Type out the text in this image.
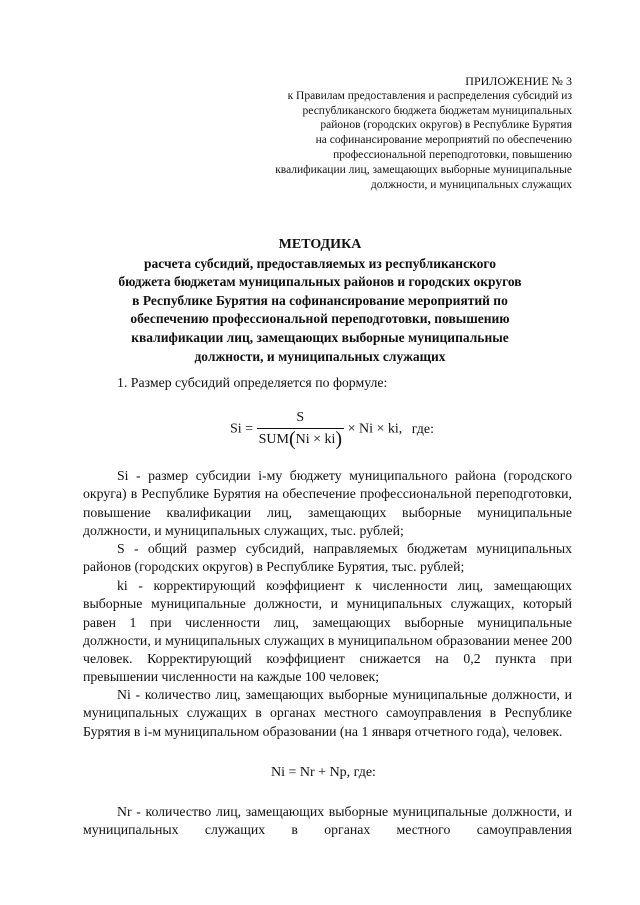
ПРИЛОЖЕНИЕ № 3
к Правилам предоставления и распределения субсидий из
республиканского бюджета бюджетам муниципальных
районов (городских округов) в Республике Бурятия
на софинансирование мероприятий по обеспечению
профессиональной переподготовки, повышению
квалификации лиц, замещающих выборные муниципальные
должности, и муниципальных служащих
МЕТОДИКА
расчета субсидий, предоставляемых из республиканского
бюджета бюджетам муниципальных районов и городских округов
в Республике Бурятия на софинансирование мероприятий по
обеспечению профессиональной переподготовки, повышению
квалификации лиц, замещающих выборные муниципальные
должности, и муниципальных служащих
1. Размер субсидий определяется по формуле:
$Si = \frac{S}{\text{SUM(Ni × ki)}} \times Ni$ × ki, где:
Si - размер субсидии i-му бюджету муниципального района (городского округа) в Республике Бурятия на обеспечение профессиональной переподготовки, повышение квалификации лиц, замещающих выборные муниципальные должности, и муниципальных служащих, тыс. рублей;
S - общий размер субсидий, направляемых бюджетам муниципальных районов (городских округов) в Республике Бурятия, тыс. рублей;
ki - корректирующий коэффициент к численности лиц, замещающих выборные муниципальные должности, и муниципальных служащих, который равен 1 при численности лиц, замещающих выборные муниципальные должности, и муниципальных служащих в муниципальном образовании менее 200 человек. Корректирующий коэффициент снижается на 0,2 пункта при превышении численности на каждые 100 человек;
Ni - количество лиц, замещающих выборные муниципальные должности, и муниципальных служащих в органах местного самоуправления в Республике Бурятия в i-м муниципальном образовании (на 1 января отчетного года), человек.
Ni = Nr + Np, где:
Nr - количество лиц, замещающих выборные муниципальные должности, и муниципальных служащих в органах местного самоуправления
